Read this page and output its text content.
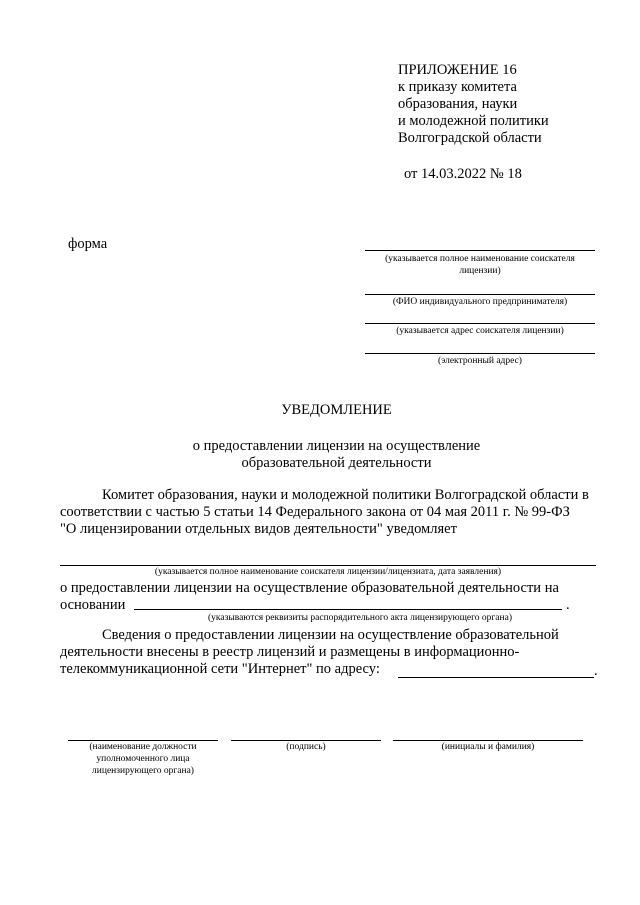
ПРИЛОЖЕНИЕ 16
к приказу комитета
образования, науки
и молодежной политики
Волгоградской области
от 14.03.2022 № 18
форма
(указывается полное наименование соискателя
лицензии)
(ФИО индивидуального предпринимателя)
(указывается адрес соискателя лицензии)
(электронный адрес)
УВЕДОМЛЕНИЕ
о предоставлении лицензии на осуществление
образовательной деятельности
Комитет образования, науки и молодежной политики Волгоградской области в
соответствии с частью 5 статьи 14 Федерального закона от 04 мая 2011 г. № 99-ФЗ
"О лицензировании отдельных видов деятельности" уведомляет
(указывается полное наименование соискателя лицензии/лицензиата, дата заявления)
о предоставлении лицензии на осуществление образовательной деятельности на
основании	.
(указываются реквизиты распорядительного акта лицензирующего органа)
Сведения о предоставлении лицензии на осуществление образовательной
деятельности внесены в реестр лицензий и размещены в информационно-
телекоммуникационной сети "Интернет" по адресу:	.
(наименование должности
уполномоченного лица
лицензирующего органа)
(подпись)	(инициалы и фамилия)
